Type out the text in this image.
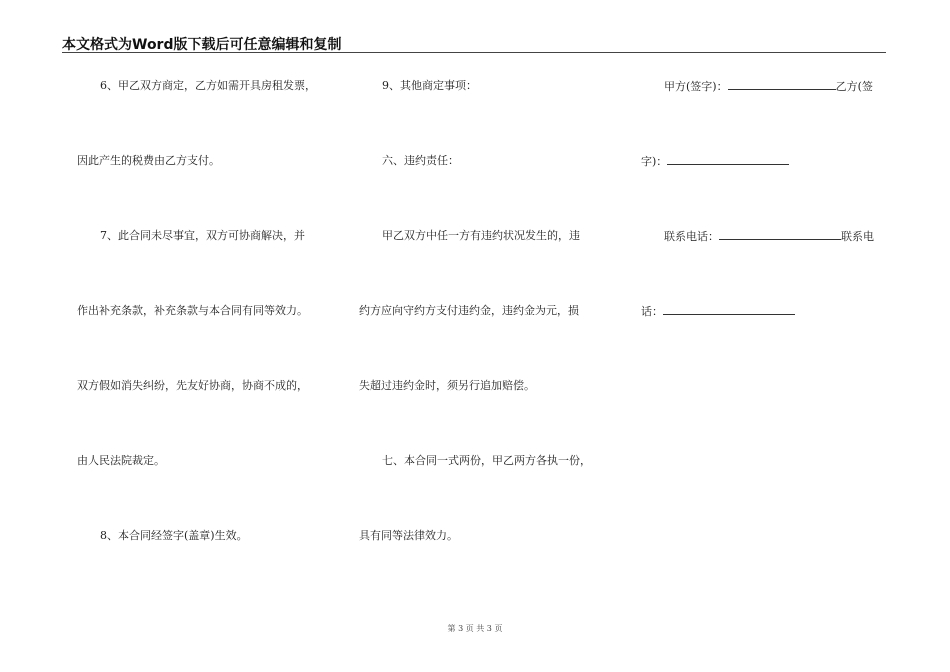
本文格式为Word版下载后可任意编辑和复制
6、甲乙双方商定，乙方如需开具房租发票，
因此产生的税费由乙方支付。
7、此合同未尽事宜，双方可协商解决，并
作出补充条款，补充条款与本合同有同等效力。
双方假如消失纠纷，先友好协商，协商不成的，
由人民法院裁定。
8、本合同经签字(盖章)生效。
9、其他商定事项：
六、违约责任：
甲乙双方中任一方有违约状况发生的，违
约方应向守约方支付违约金，违约金为元，损
失超过违约金时，须另行追加赔偿。
七、本合同一式两份，甲乙两方各执一份，
具有同等法律效力。
甲方(签字)：	乙方(签
字)：
联系电话：	联系电
话：
第 3 页 共 3 页
